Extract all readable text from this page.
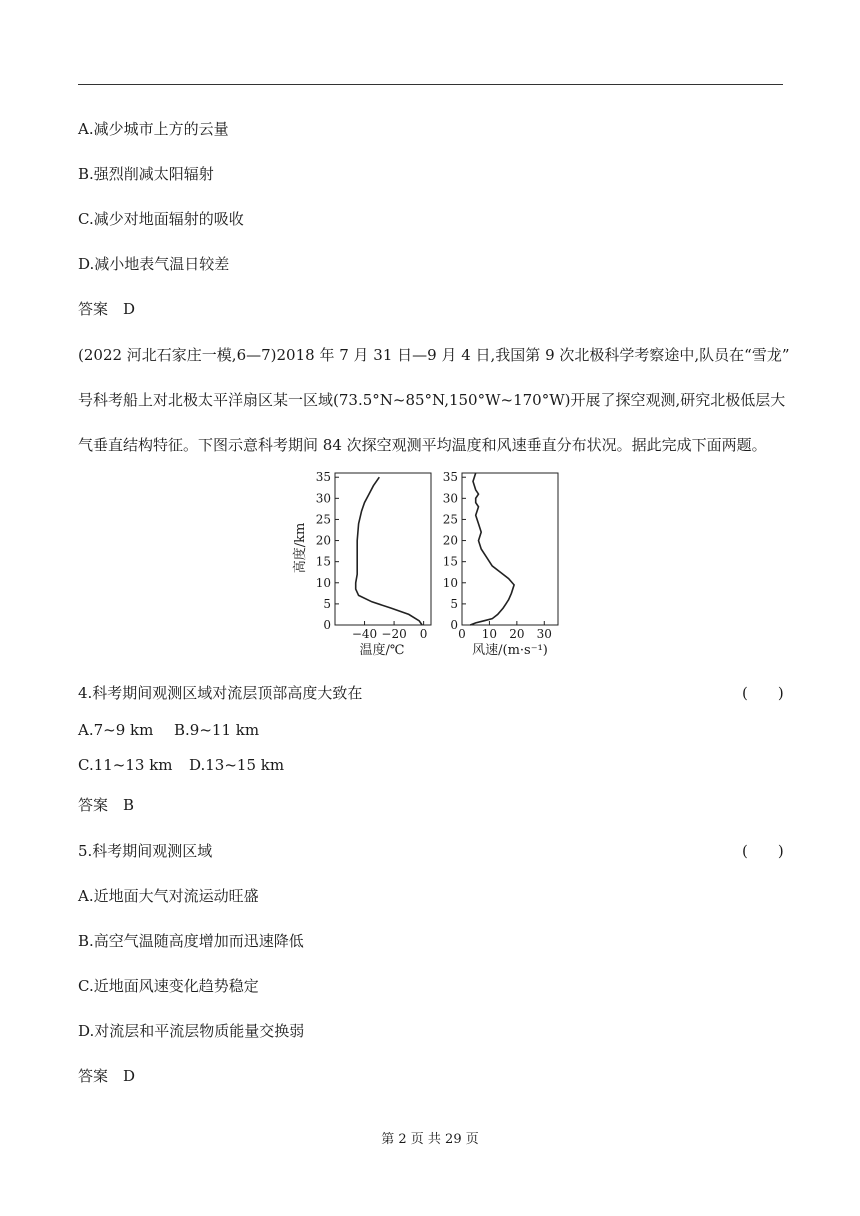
A.减少城市上方的云量
B.强烈削减太阳辐射
C.减少对地面辐射的吸收
D.减小地表气温日较差
答案　D
(2022 河北石家庄一模,6—7)2018 年 7 月 31 日—9 月 4 日,我国第 9 次北极科学考察途中,队员在“雪龙”
号科考船上对北极太平洋扇区某一区域(73.5°N~85°N,150°W~170°W)开展了探空观测,研究北极低层大
气垂直结构特征。下图示意科考期间 84 次探空观测平均温度和风速垂直分布状况。据此完成下面两题。
0
5
10
15
20
25
30
35
−40 −20 0
高度/km
温度/℃
0
5
10
15
20
25
30
35
0 10 20 30
风速/(m·s⁻¹)
4.科考期间观测区域对流层顶部高度大致在	(　　)
A.7~9 km B.9~11 km
C.11~13 km D.13~15 km
答案　B
5.科考期间观测区域	(　　)
A.近地面大气对流运动旺盛
B.高空气温随高度增加而迅速降低
C.近地面风速变化趋势稳定
D.对流层和平流层物质能量交换弱
答案　D
第 2 页 共 29 页
